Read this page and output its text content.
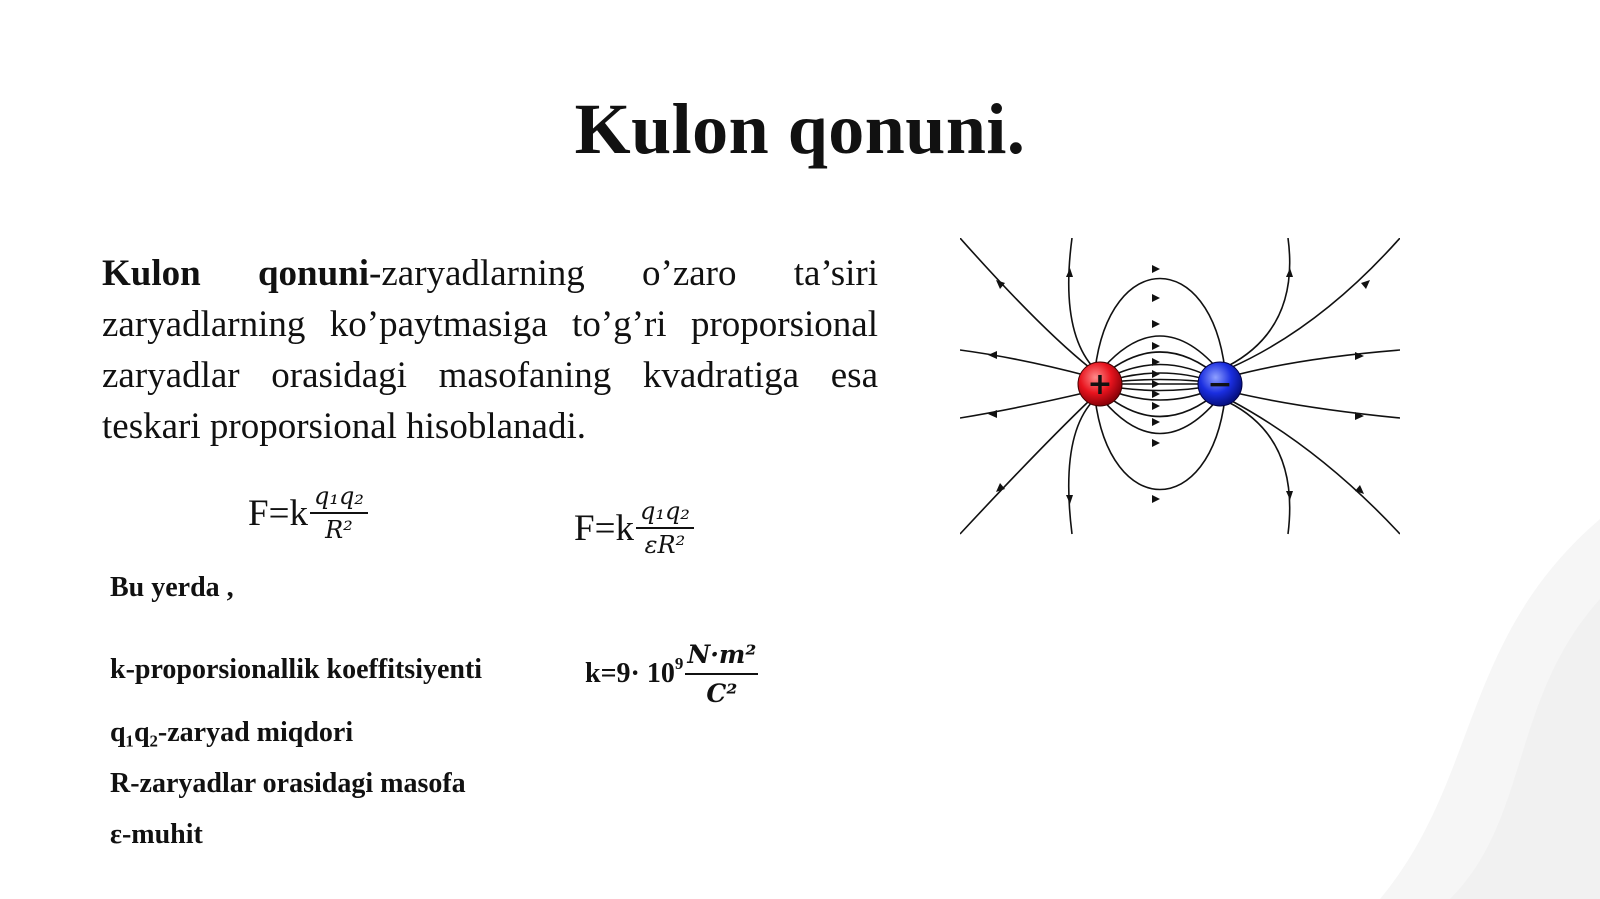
Kulon qonuni.
Kulon qonuni-zaryadlarning o’zaro ta’siri zaryadlarning ko’paytmasiga to’g’ri proporsional zaryadlar orasidagi masofaning kvadratiga esa teskari proporsional hisoblanadi.
$F=k \frac{\text{q₁q₂}}{\text{R²}}$	$F=k \frac{\text{q₁q₂}}{\text{εR²}}$
Bu yerda ,
k-proporsionallik koeffitsiyenti
q₁q₂-zaryad miqdori
R-zaryadlar orasidagi masofa
ε-muhit
k=9· 10 $9 \frac{\text{N·m²}}{\text{C²}}$
+	−
